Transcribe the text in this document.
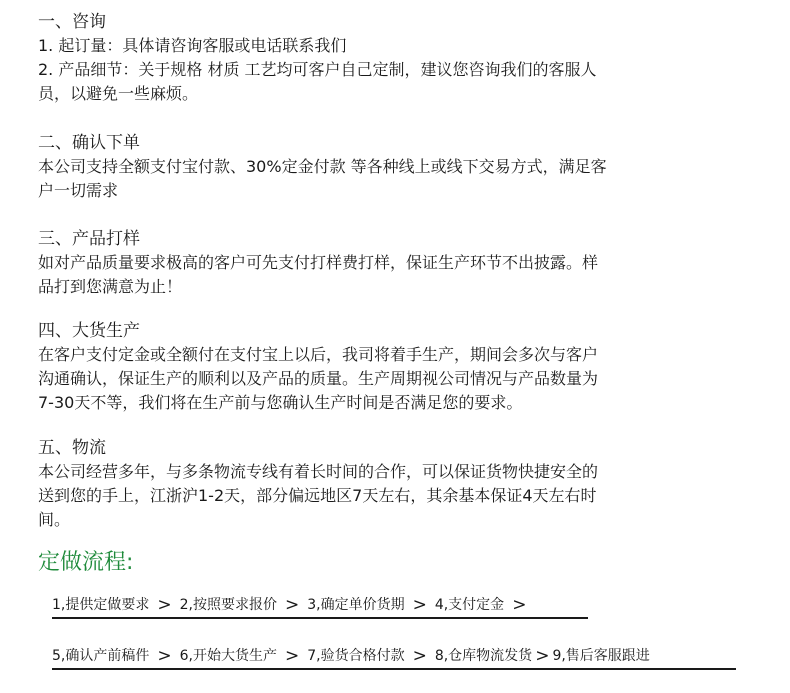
一、咨询

1. 起订量：具体请咨询客服或电话联系我们

2. 产品细节：关于规格 材质 工艺均可客户自己定制，建议您咨询我们的客服人

员，以避免一些麻烦。

二、确认下单

本公司支持全额支付宝付款、30%定金付款 等各种线上或线下交易方式，满足客

户一切需求

三、产品打样

如对产品质量要求极高的客户可先支付打样费打样，保证生产环节不出披露。样

品打到您满意为止！

四、大货生产

在客户支付定金或全额付在支付宝上以后，我司将着手生产，期间会多次与客户

沟通确认，保证生产的顺利以及产品的质量。生产周期视公司情况与产品数量为

7-30天不等，我们将在生产前与您确认生产时间是否满足您的要求。

五、物流

本公司经营多年，与多条物流专线有着长时间的合作，可以保证货物快捷安全的

送到您的手上，江浙沪1-2天，部分偏远地区7天左右，其余基本保证4天左右时

间。

定做流程:

1,提供定做要求 > 2,按照要求报价 > 3,确定单价货期 > 4,支付定金 >
5,确认产前稿件 > 6,开始大货生产 > 7,验货合格付款 > 8,仓库物流发货 > 9,售后客服跟进
